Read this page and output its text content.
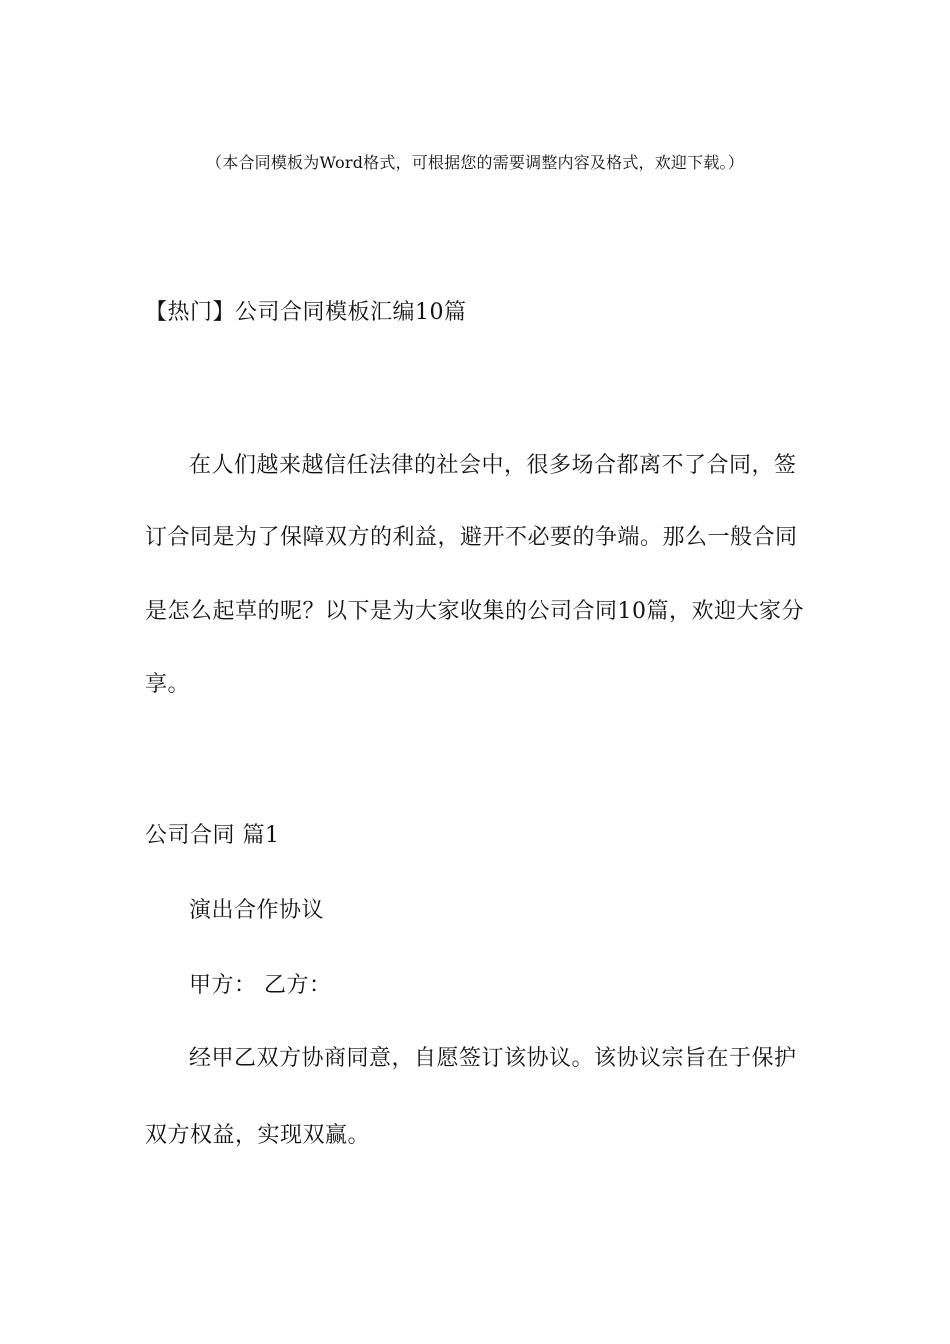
（本合同模板为Word格式，可根据您的需要调整内容及格式，欢迎下载。）
【热门】公司合同模板汇编10篇
在人们越来越信任法律的社会中，很多场合都离不了合同，签
订合同是为了保障双方的利益，避开不必要的争端。那么一般合同
是怎么起草的呢？以下是为大家收集的公司合同10篇，欢迎大家分
享。
公司合同 篇1
演出合作协议
甲方： 乙方：
经甲乙双方协商同意，自愿签订该协议。该协议宗旨在于保护
双方权益，实现双赢。
